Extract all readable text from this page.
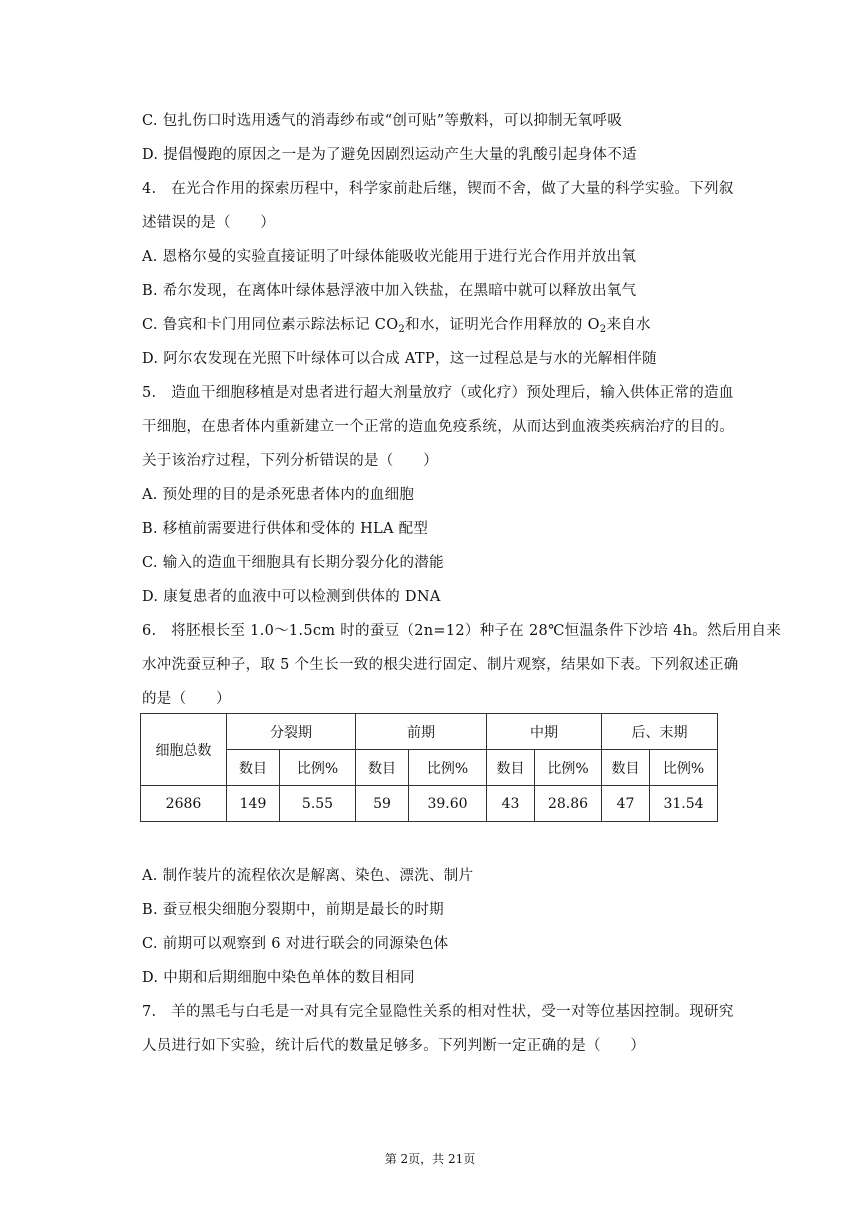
C. 包扎伤口时选用透气的消毒纱布或“创可贴”等敷料，可以抑制无氧呼吸
D. 提倡慢跑的原因之一是为了避免因剧烈运动产生大量的乳酸引起身体不适
4.　在光合作用的探索历程中，科学家前赴后继，锲而不舍，做了大量的科学实验。下列叙
述错误的是（　　）
A. 恩格尔曼的实验直接证明了叶绿体能吸收光能用于进行光合作用并放出氧
B. 希尔发现，在离体叶绿体悬浮液中加入铁盐，在黑暗中就可以释放出氧气
C. 鲁宾和卡门用同位素示踪法标记 $CO_2$和水，证明光合作用释放的 $O_2$来自水
D. 阿尔农发现在光照下叶绿体可以合成 ATP，这一过程总是与水的光解相伴随
5.　造血干细胞移植是对患者进行超大剂量放疗（或化疗）预处理后，输入供体正常的造血
干细胞，在患者体内重新建立一个正常的造血免疫系统，从而达到血液类疾病治疗的目的。
关于该治疗过程，下列分析错误的是（　　）
A. 预处理的目的是杀死患者体内的血细胞
B. 移植前需要进行供体和受体的 HLA 配型
C. 输入的造血干细胞具有长期分裂分化的潜能
D. 康复患者的血液中可以检测到供体的 DNA
6.　将胚根长至 1.0～1.5cm 时的蚕豆（2n=12）种子在 28℃恒温条件下沙培 4h。然后用自来
水冲洗蚕豆种子，取 5 个生长一致的根尖进行固定、制片观察，结果如下表。下列叙述正确
的是（　　）
细胞总数	分裂期		前期		中期		后、末期	
	数目	比例%	数目	比例%	数目	比例%	数目	比例%
2686	149	5.55	59	39.60	43	28.86	47	31.54
A. 制作装片的流程依次是解离、染色、漂洗、制片
B. 蚕豆根尖细胞分裂期中，前期是最长的时期
C. 前期可以观察到 6 对进行联会的同源染色体
D. 中期和后期细胞中染色单体的数目相同
7.　羊的黑毛与白毛是一对具有完全显隐性关系的相对性状，受一对等位基因控制。现研究
人员进行如下实验，统计后代的数量足够多。下列判断一定正确的是（　　）
第 2页，共 21页
